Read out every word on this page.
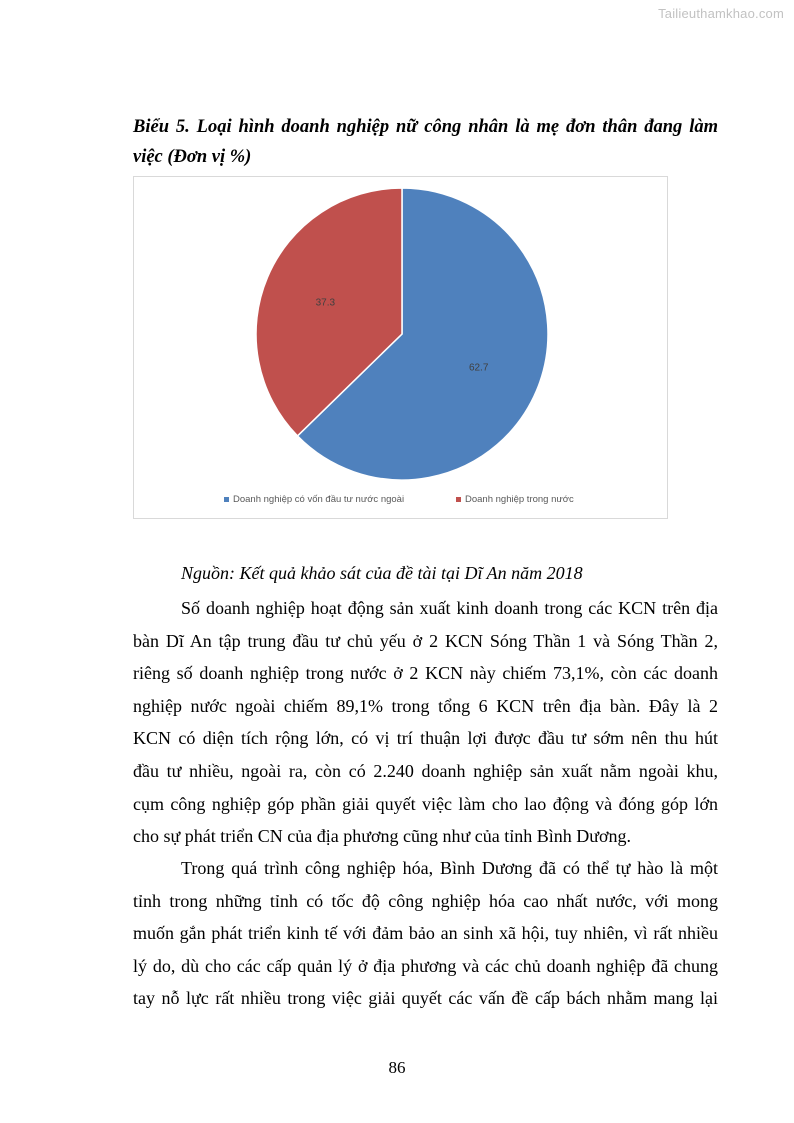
Tailieuthamkhao.com
Biểu 5. Loại hình doanh nghiệp nữ công nhân là mẹ đơn thân đang làm việc (Đơn vị %)
62.7
37.3
Doanh nghiệp có vốn đầu tư nước ngoài	Doanh nghiệp trong nước
Nguồn: Kết quả khảo sát của đề tài tại Dĩ An năm 2018
Số doanh nghiệp hoạt động sản xuất kinh doanh trong các KCN trên địa
bàn Dĩ An tập trung đầu tư chủ yếu ở 2 KCN Sóng Thần 1 và Sóng Thần 2,
riêng số doanh nghiệp trong nước ở 2 KCN này chiếm 73,1%, còn các doanh
nghiệp nước ngoài chiếm 89,1% trong tổng 6 KCN trên địa bàn. Đây là 2
KCN có diện tích rộng lớn, có vị trí thuận lợi được đầu tư sớm nên thu hút
đầu tư nhiều, ngoài ra, còn có 2.240 doanh nghiệp sản xuất nằm ngoài khu,
cụm công nghiệp góp phần giải quyết việc làm cho lao động và đóng góp lớn
cho sự phát triển CN của địa phương cũng như của tỉnh Bình Dương.
Trong quá trình công nghiệp hóa, Bình Dương đã có thể tự hào là một
tỉnh trong những tỉnh có tốc độ công nghiệp hóa cao nhất nước, với mong
muốn gắn phát triển kinh tế với đảm bảo an sinh xã hội, tuy nhiên, vì rất nhiều
lý do, dù cho các cấp quản lý ở địa phương và các chủ doanh nghiệp đã chung
tay nỗ lực rất nhiều trong việc giải quyết các vấn đề cấp bách nhằm mang lại
86
